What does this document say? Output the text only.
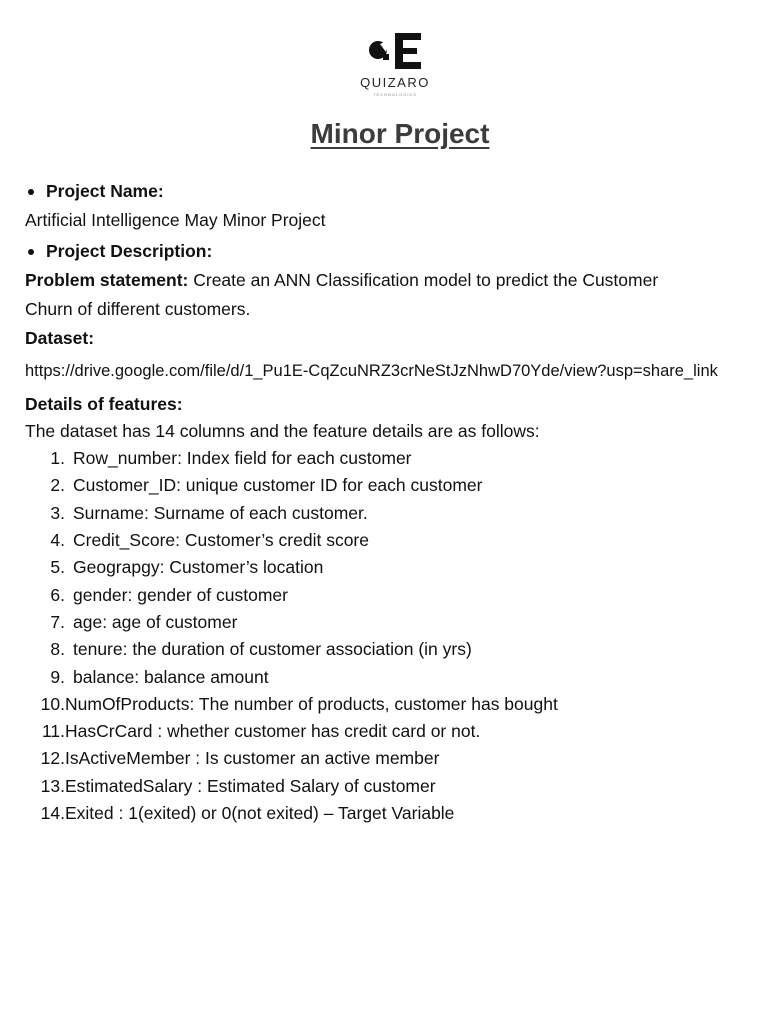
QUIZARO
TECHNOLOGIES
Minor Project
Project Name:
Artificial Intelligence May Minor Project
Project Description:
Problem statement: Create an ANN Classification model to predict the Customer
Churn of different customers.
Dataset:
https://drive.google.com/file/d/1_Pu1E-CqZcuNRZ3crNeStJzNhwD70Yde/view?usp=share_link
Details of features:
The dataset has 14 columns and the feature details are as follows:
1. Row_number: Index field for each customer
2. Customer_ID: unique customer ID for each customer
3. Surname: Surname of each customer.
4. Credit_Score: Customer’s credit score
5. Geograpgy: Customer’s location
6. gender: gender of customer
7. age: age of customer
8. tenure: the duration of customer association (in yrs)
9. balance: balance amount
10. NumOfProducts: The number of products, customer has bought
11. HasCrCard : whether customer has credit card or not.
12. IsActiveMember : Is customer an active member
13. EstimatedSalary : Estimated Salary of customer
14. Exited : 1(exited) or 0(not exited) – Target Variable
